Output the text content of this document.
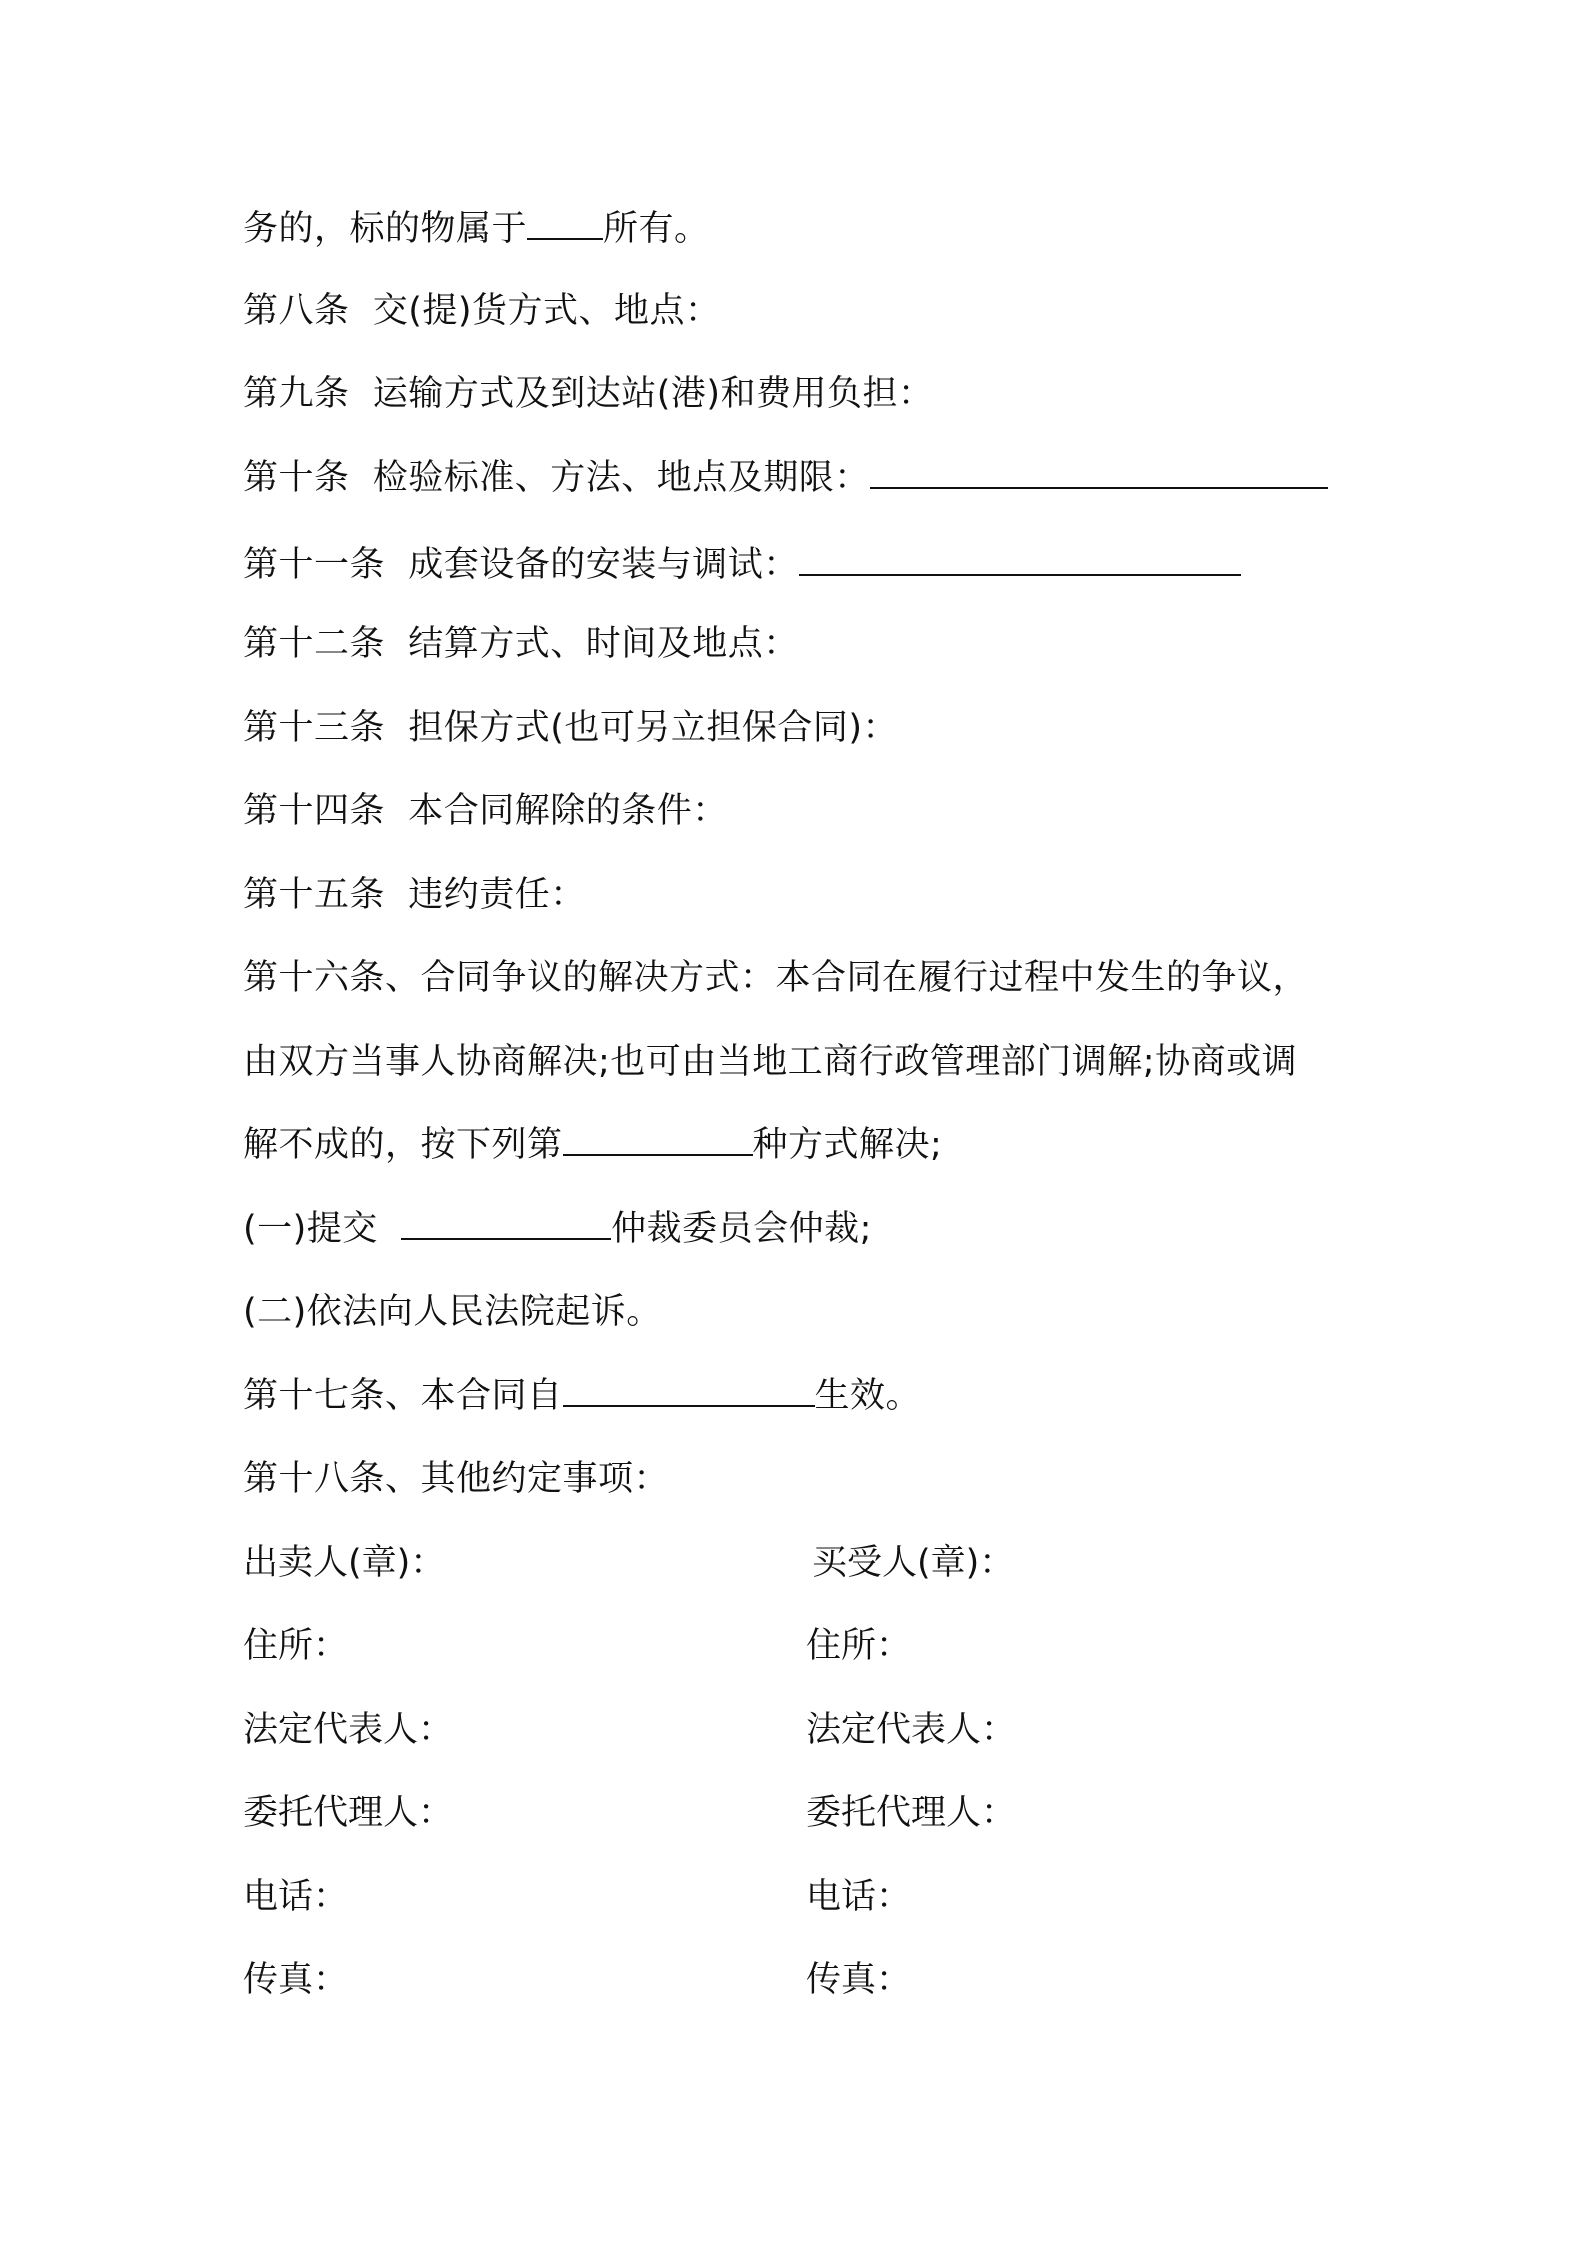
务的，标的物属于 所有。
第八条  交(提)货方式、地点：
第九条  运输方式及到达站(港)和费用负担：
第十条  检验标准、方法、地点及期限：
第十一条  成套设备的安装与调试：
第十二条  结算方式、时间及地点：
第十三条  担保方式(也可另立担保合同)：
第十四条  本合同解除的条件：
第十五条  违约责任：
第十六条、合同争议的解决方式：本合同在履行过程中发生的争议，
由双方当事人协商解决;也可由当地工商行政管理部门调解;协商或调
解不成的，按下列第	种方式解决;
(一)提交	仲裁委员会仲裁;
(二)依法向人民法院起诉。
第十七条、本合同自	生效。
第十八条、其他约定事项：
出卖人(章)：	买受人(章)：
住所：	住所：
法定代表人：	法定代表人：
委托代理人：	委托代理人：
电话：	电话：
传真：	传真：
